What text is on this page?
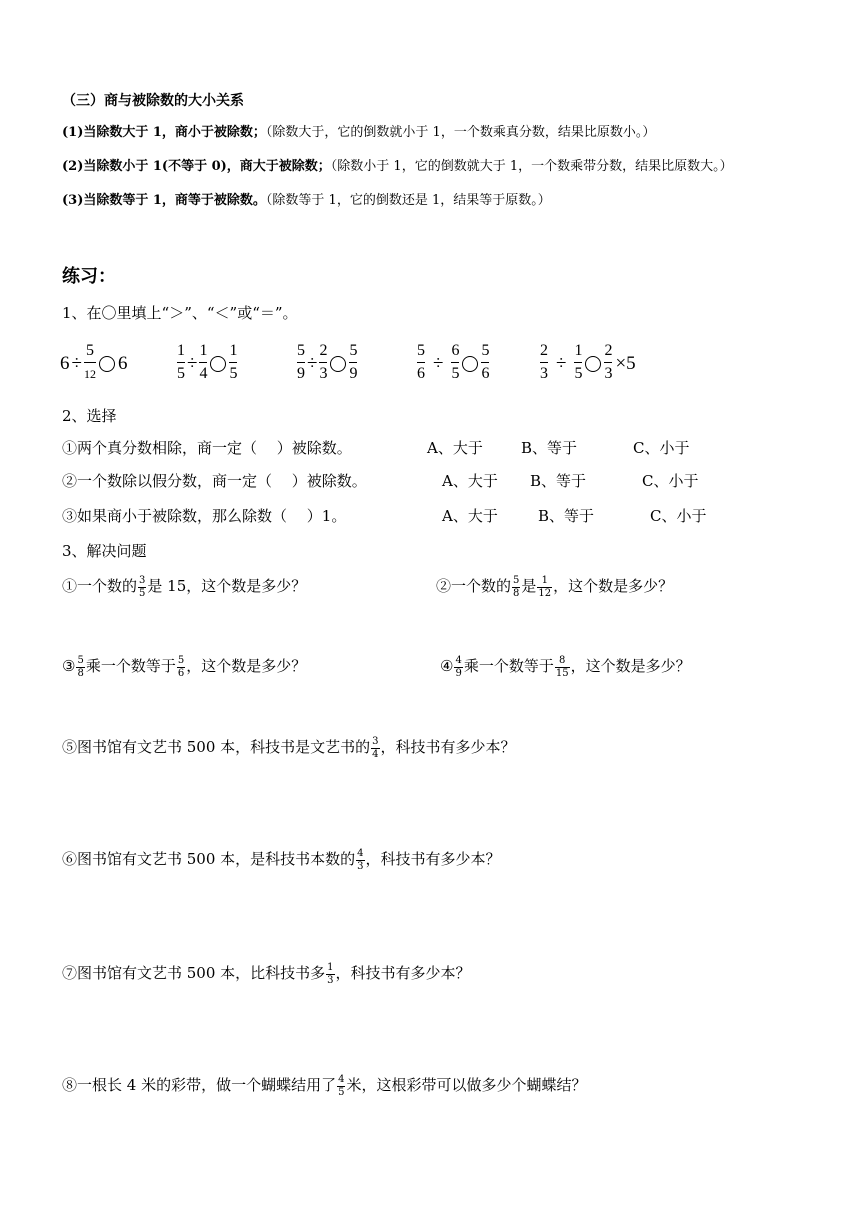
（三）商与被除数的大小关系
(1)当除数大于 1，商小于被除数；（除数大于，它的倒数就小于 1，一个数乘真分数，结果比原数小。）
(2)当除数小于 1(不等于 0)，商大于被除数；（除数小于 1，它的倒数就大于 1，一个数乘带分数，结果比原数大。）
(3)当除数等于 1，商等于被除数。（除数等于 1，它的倒数还是 1，结果等于原数。）
练习：
1、在〇里填上“＞”、“＜”或“＝”。
6 ÷
5
12 6
1
5 ÷
1
4
1
5
5
9 ÷
2
3
5
9
5
6 ÷
6
5
5
6
2
3 ÷
1
5
2
3 ×5
2、选择
①两个真分数相除，商一定（　 ）被除数。	A、大于	B、等于	C、小于
②一个数除以假分数，商一定（　 ）被除数。	A、大于 B、等于	C、小于
③如果商小于被除数，那么除数（　 ）1。	A、大于	B、等于	C、小于
3、解决问题
①一个数的 $\frac{3}{5}$ 是 15，这个数是多少？	②一个数的 $\frac{5}{8}$ 是 $\frac{1}{12}$ ，这个数是多少？
③ $\frac{5}{8}$ 乘一个数等于 $\frac{5}{6}$ ，这个数是多少？	④ $\frac{4}{9}$ 乘一个数等于 $\frac{8}{15}$ ，这个数是多少？
⑤图书馆有文艺书 500 本，科技书是文艺书的 $\frac{3}{4}$ ，科技书有多少本？
⑥图书馆有文艺书 500 本，是科技书本数的 $\frac{4}{3}$ ，科技书有多少本？
⑦图书馆有文艺书 500 本，比科技书多 $\frac{1}{3}$ ，科技书有多少本？
⑧一根长 4 米的彩带，做一个蝴蝶结用了 $\frac{4}{5}$ 米，这根彩带可以做多少个蝴蝶结？
